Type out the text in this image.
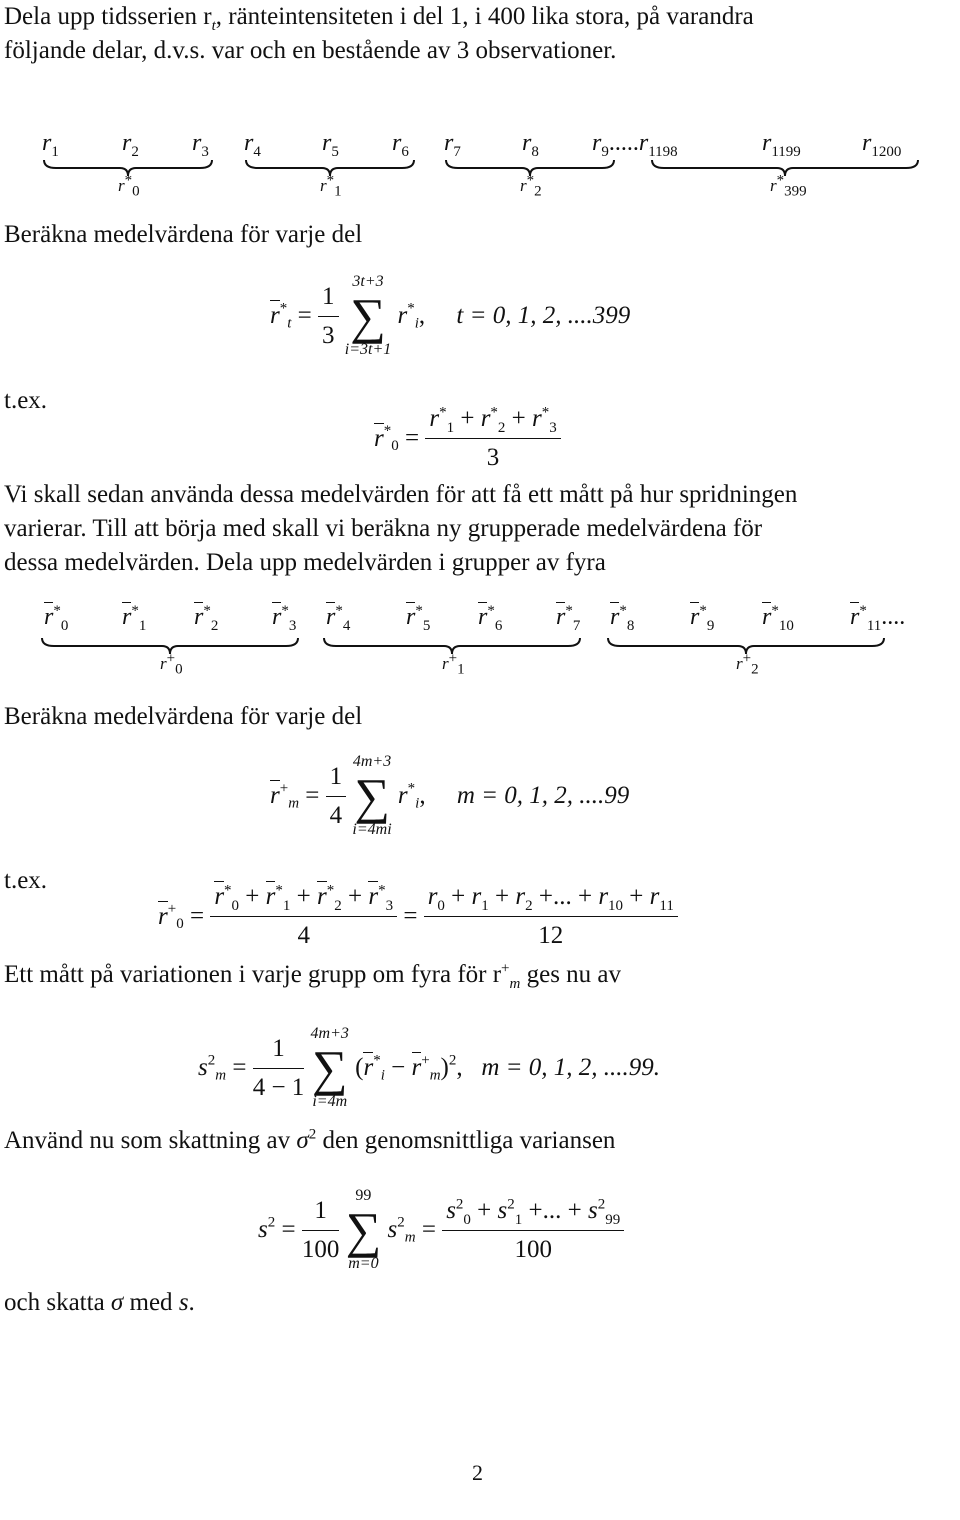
Dela upp tidsserien $r_t$, ränteintensiteten i del 1, i 400 lika stora, på varandra
följande delar, d.v.s. var och en bestående av 3 observationer.
$r_1$	$r_2$ $r_3$ $r_4$	$r_5$ $r_6$ $r_7$	$r_8$ $r_9.....r_{1198}$	$r_{1199}$	$r_{1200}$
$r^*_0$	$r^*_1$	$r^*_2$	$r^*_{399}$
Beräkna medelvärdena för varje del
$r^*_t = \frac{1}{3}$
3t+3
∑
i=3t+1
$r^*_i$,     t = 0, 1, 2, ....399
t.ex.
$r^*_0 = \frac{r^*_1 + r^*_2 + r^*_3}{3}$
Vi skall sedan använda dessa medelvärden för att få ett mått på hur spridningen
varierar. Till att börja med skall vi beräkna ny grupperade medelvärdena för
dessa medelvärden. Dela upp medelvärden i grupper av fyra
$r^*_0$ $r^*_1$ $r^*_2$ $r^*_3$ $r^*_4$ $r^*_5$ $r^*_6$ $r^*_7$ $r^*_8$ $r^*_9$ $r^*_{10}$ $r^*_{11}$....
$r^+_0$	$r^+_1$	$r^+_2$
Beräkna medelvärdena för varje del
$r^+_m = \frac{1}{4}$
4m+3
∑
i=4mi
$r^*_i$,     m = 0, 1, 2, ....99
t.ex.
$r^+_0 = \frac{r^*_0 + r^*_1 + r^*_2 + r^*_3}{4} = \frac{r_0 + r_1 + r_2 +... + r_{10} + r_{11}}{12}$
Ett mått på variationen i varje grupp om fyra för $r^+_m$ ges nu av
$s^2_m = \frac{1}{4 - 1}$
4m+3
∑
i=4m
$(r^*_i - r^+_m)^2$,   m = 0, 1, 2, ....99.
Använd nu som skattning av $\sigma^2$ den genomsnittliga variansen
$s^2 = \frac{1}{100}$
	99
∑
m=0
$s^2_m = \frac{s^2_0 + s^2_1 +... + s^2_{99}}{100}$
och skatta σ med s.
2
